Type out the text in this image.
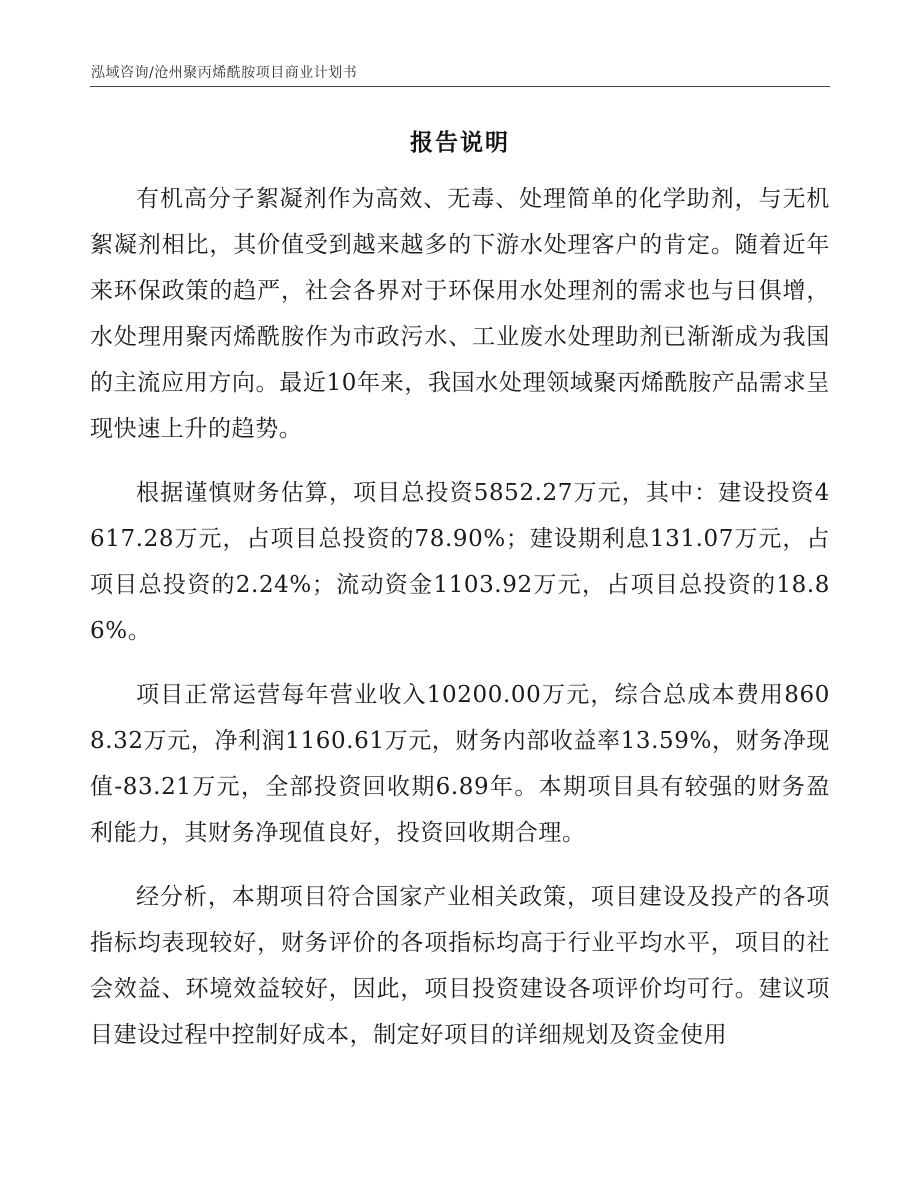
泓域咨询/沧州聚丙烯酰胺项目商业计划书
报告说明

有机高分子絮凝剂作为高效、无毒、处理简单的化学助剂，与无机絮凝剂相比，其价值受到越来越多的下游水处理客户的肯定。随着近年来环保政策的趋严，社会各界对于环保用水处理剂的需求也与日俱增，水处理用聚丙烯酰胺作为市政污水、工业废水处理助剂已渐渐成为我国的主流应用方向。最近10年来，我国水处理领域聚丙烯酰胺产品需求呈现快速上升的趋势。

根据谨慎财务估算，项目总投资5852.27万元，其中：建设投资4617.28万元，占项目总投资的78.90%；建设期利息131.07万元，占项目总投资的2.24%；流动资金1103.92万元，占项目总投资的18.86%。

项目正常运营每年营业收入10200.00万元，综合总成本费用8608.32万元，净利润1160.61万元，财务内部收益率13.59%，财务净现值-83.21万元，全部投资回收期6.89年。本期项目具有较强的财务盈利能力，其财务净现值良好，投资回收期合理。

经分析，本期项目符合国家产业相关政策，项目建设及投产的各项指标均表现较好，财务评价的各项指标均高于行业平均水平，项目的社会效益、环境效益较好，因此，项目投资建设各项评价均可行。建议项目建设过程中控制好成本，制定好项目的详细规划及资金使用
